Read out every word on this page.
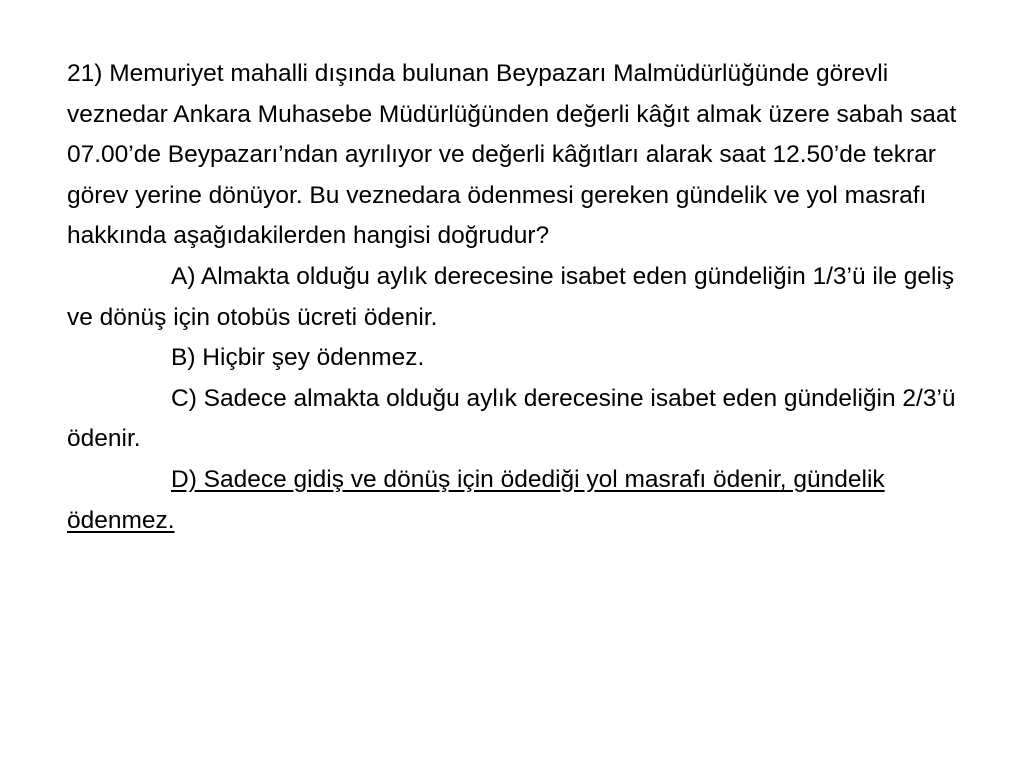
21) Memuriyet mahalli dışında bulunan Beypazarı Malmüdürlüğünde görevli veznedar Ankara Muhasebe Müdürlüğünden değerli kâğıt almak üzere sabah saat 07.00’de Beypazarı’ndan ayrılıyor ve değerli kâğıtları alarak saat 12.50’de tekrar görev yerine dönüyor. Bu veznedara ödenmesi gereken gündelik ve yol masrafı hakkında aşağıdakilerden hangisi doğrudur?

A) Almakta olduğu aylık derecesine isabet eden gündeliğin 1/3’ü ile geliş ve dönüş için otobüs ücreti ödenir.

B) Hiçbir şey ödenmez.

C) Sadece almakta olduğu aylık derecesine isabet eden gündeliğin 2/3’ü ödenir.

D) Sadece gidiş ve dönüş için ödediği yol masrafı ödenir, gündelik ödenmez.
